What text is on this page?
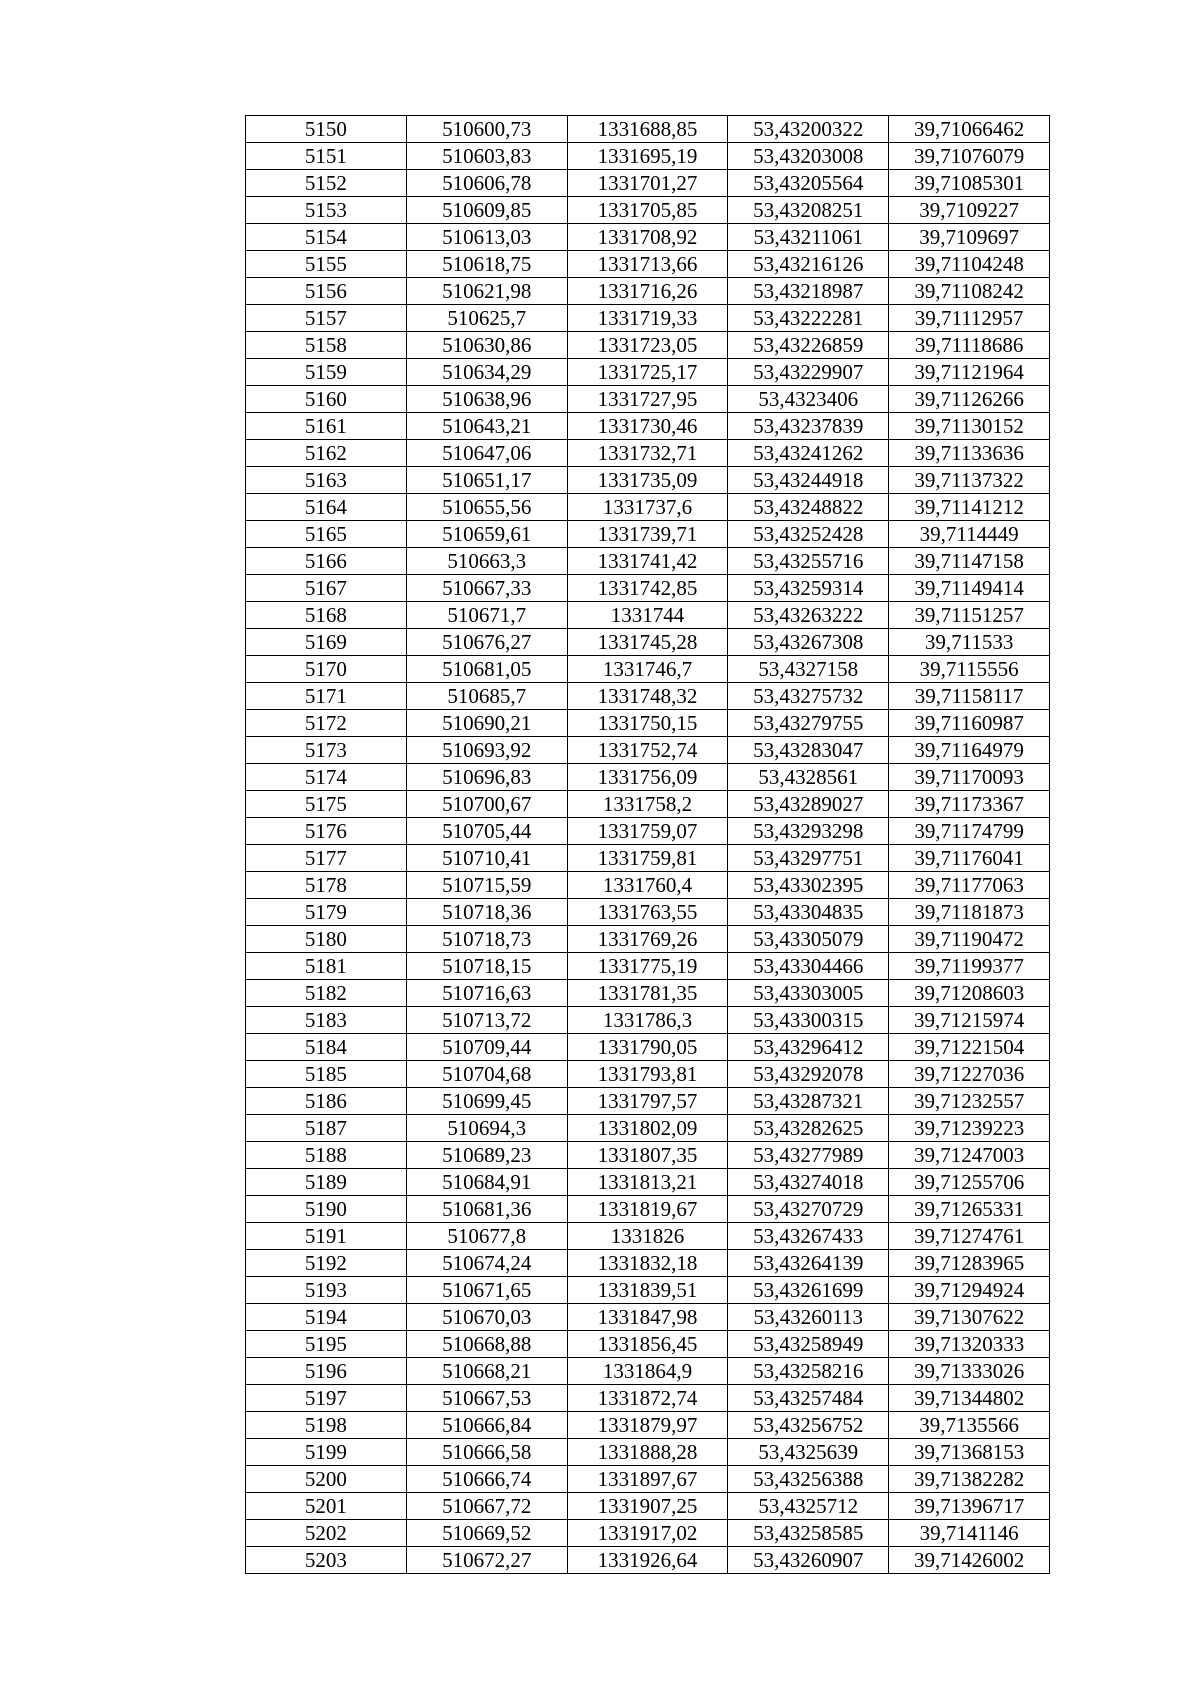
5150	510600,73	1331688,85	53,43200322	39,71066462
5151	510603,83	1331695,19	53,43203008	39,71076079
5152	510606,78	1331701,27	53,43205564	39,71085301
5153	510609,85	1331705,85	53,43208251	39,7109227
5154	510613,03	1331708,92	53,43211061	39,7109697
5155	510618,75	1331713,66	53,43216126	39,71104248
5156	510621,98	1331716,26	53,43218987	39,71108242
5157	510625,7	1331719,33	53,43222281	39,71112957
5158	510630,86	1331723,05	53,43226859	39,71118686
5159	510634,29	1331725,17	53,43229907	39,71121964
5160	510638,96	1331727,95	53,4323406	39,71126266
5161	510643,21	1331730,46	53,43237839	39,71130152
5162	510647,06	1331732,71	53,43241262	39,71133636
5163	510651,17	1331735,09	53,43244918	39,71137322
5164	510655,56	1331737,6	53,43248822	39,71141212
5165	510659,61	1331739,71	53,43252428	39,7114449
5166	510663,3	1331741,42	53,43255716	39,71147158
5167	510667,33	1331742,85	53,43259314	39,71149414
5168	510671,7	1331744	53,43263222	39,71151257
5169	510676,27	1331745,28	53,43267308	39,711533
5170	510681,05	1331746,7	53,4327158	39,7115556
5171	510685,7	1331748,32	53,43275732	39,71158117
5172	510690,21	1331750,15	53,43279755	39,71160987
5173	510693,92	1331752,74	53,43283047	39,71164979
5174	510696,83	1331756,09	53,4328561	39,71170093
5175	510700,67	1331758,2	53,43289027	39,71173367
5176	510705,44	1331759,07	53,43293298	39,71174799
5177	510710,41	1331759,81	53,43297751	39,71176041
5178	510715,59	1331760,4	53,43302395	39,71177063
5179	510718,36	1331763,55	53,43304835	39,71181873
5180	510718,73	1331769,26	53,43305079	39,71190472
5181	510718,15	1331775,19	53,43304466	39,71199377
5182	510716,63	1331781,35	53,43303005	39,71208603
5183	510713,72	1331786,3	53,43300315	39,71215974
5184	510709,44	1331790,05	53,43296412	39,71221504
5185	510704,68	1331793,81	53,43292078	39,71227036
5186	510699,45	1331797,57	53,43287321	39,71232557
5187	510694,3	1331802,09	53,43282625	39,71239223
5188	510689,23	1331807,35	53,43277989	39,71247003
5189	510684,91	1331813,21	53,43274018	39,71255706
5190	510681,36	1331819,67	53,43270729	39,71265331
5191	510677,8	1331826	53,43267433	39,71274761
5192	510674,24	1331832,18	53,43264139	39,71283965
5193	510671,65	1331839,51	53,43261699	39,71294924
5194	510670,03	1331847,98	53,43260113	39,71307622
5195	510668,88	1331856,45	53,43258949	39,71320333
5196	510668,21	1331864,9	53,43258216	39,71333026
5197	510667,53	1331872,74	53,43257484	39,71344802
5198	510666,84	1331879,97	53,43256752	39,7135566
5199	510666,58	1331888,28	53,4325639	39,71368153
5200	510666,74	1331897,67	53,43256388	39,71382282
5201	510667,72	1331907,25	53,4325712	39,71396717
5202	510669,52	1331917,02	53,43258585	39,7141146
5203	510672,27	1331926,64	53,43260907	39,71426002
